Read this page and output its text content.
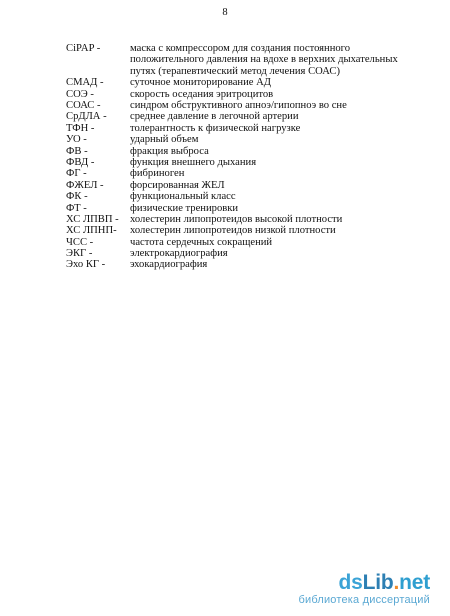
8
CiPAP -	маска с компрессором для создания постоянного
положительного давления на вдохе в верхних дыхательных
путях (терапевтический метод лечения СОАС)
СМАД - суточное мониторирование АД
СОЭ -	скорость оседания эритроцитов
СОАС -	синдром обструктивного апноэ/гипопноэ во сне
СрДЛА - среднее давление в легочной артерии
ТФН -	толерантность к физической нагрузке
УО -	ударный объем
ФВ -	фракция выброса
ФВД -	функция внешнего дыхания
ФГ -	фибриноген
ФЖЕЛ - форсированная ЖЕЛ
ФК -	функциональный класс
ФТ -	физические тренировки
ХС ЛПВП - холестерин липопротеидов высокой плотности
ХС ЛПНП- холестерин липопротеидов низкой плотности
ЧСС -	частота сердечных сокращений
ЭКГ -	электрокардиография
Эхо КГ - эхокардиография
dsLib.net
библиотека диссертаций
